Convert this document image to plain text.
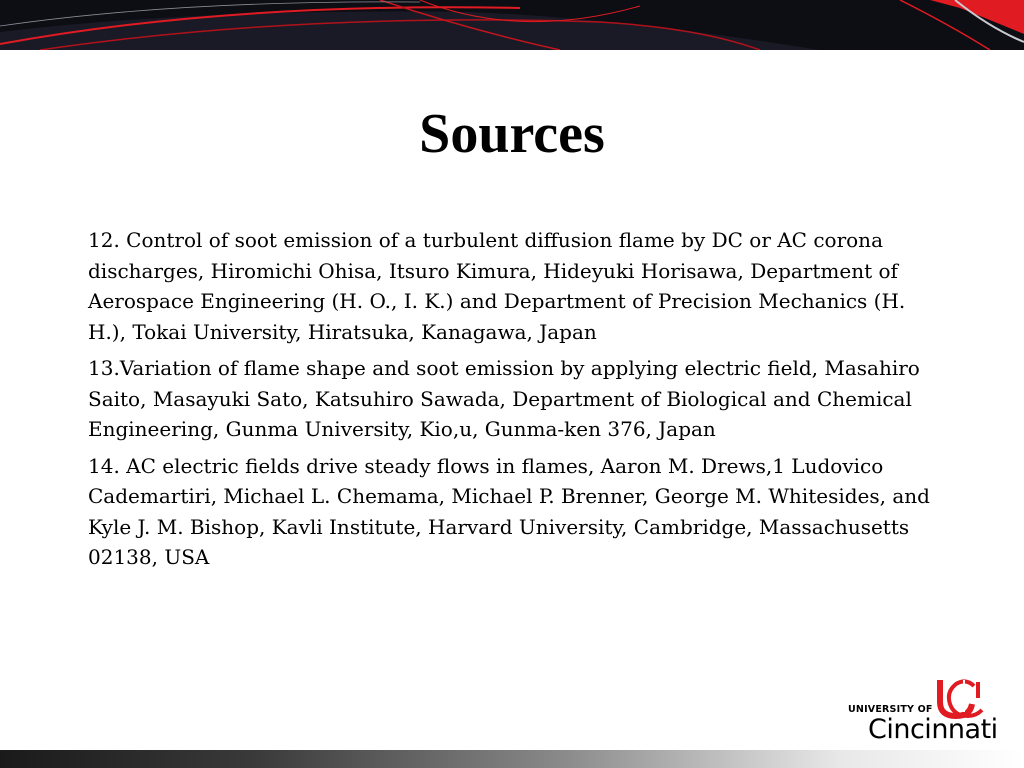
Sources
12. Control of soot emission of a turbulent diffusion flame by DC or AC corona discharges, Hiromichi Ohisa, Itsuro Kimura, Hideyuki Horisawa, Department of Aerospace Engineering (H. O., I. K.) and Department of Precision Mechanics (H. H.), Tokai University, Hiratsuka, Kanagawa, Japan
13.Variation of flame shape and soot emission by applying electric field, Masahiro Saito, Masayuki Sato, Katsuhiro Sawada, Department of Biological and Chemical Engineering, Gunma University, Kio,u, Gunma-ken 376, Japan
14. AC electric fields drive steady flows in flames, Aaron M. Drews,1 Ludovico Cademartiri, Michael L. Chemama, Michael P. Brenner, George M. Whitesides, and Kyle J. M. Bishop, Kavli Institute, Harvard University, Cambridge, Massachusetts 02138, USA
UNIVERSITY OF
Cincinnati
